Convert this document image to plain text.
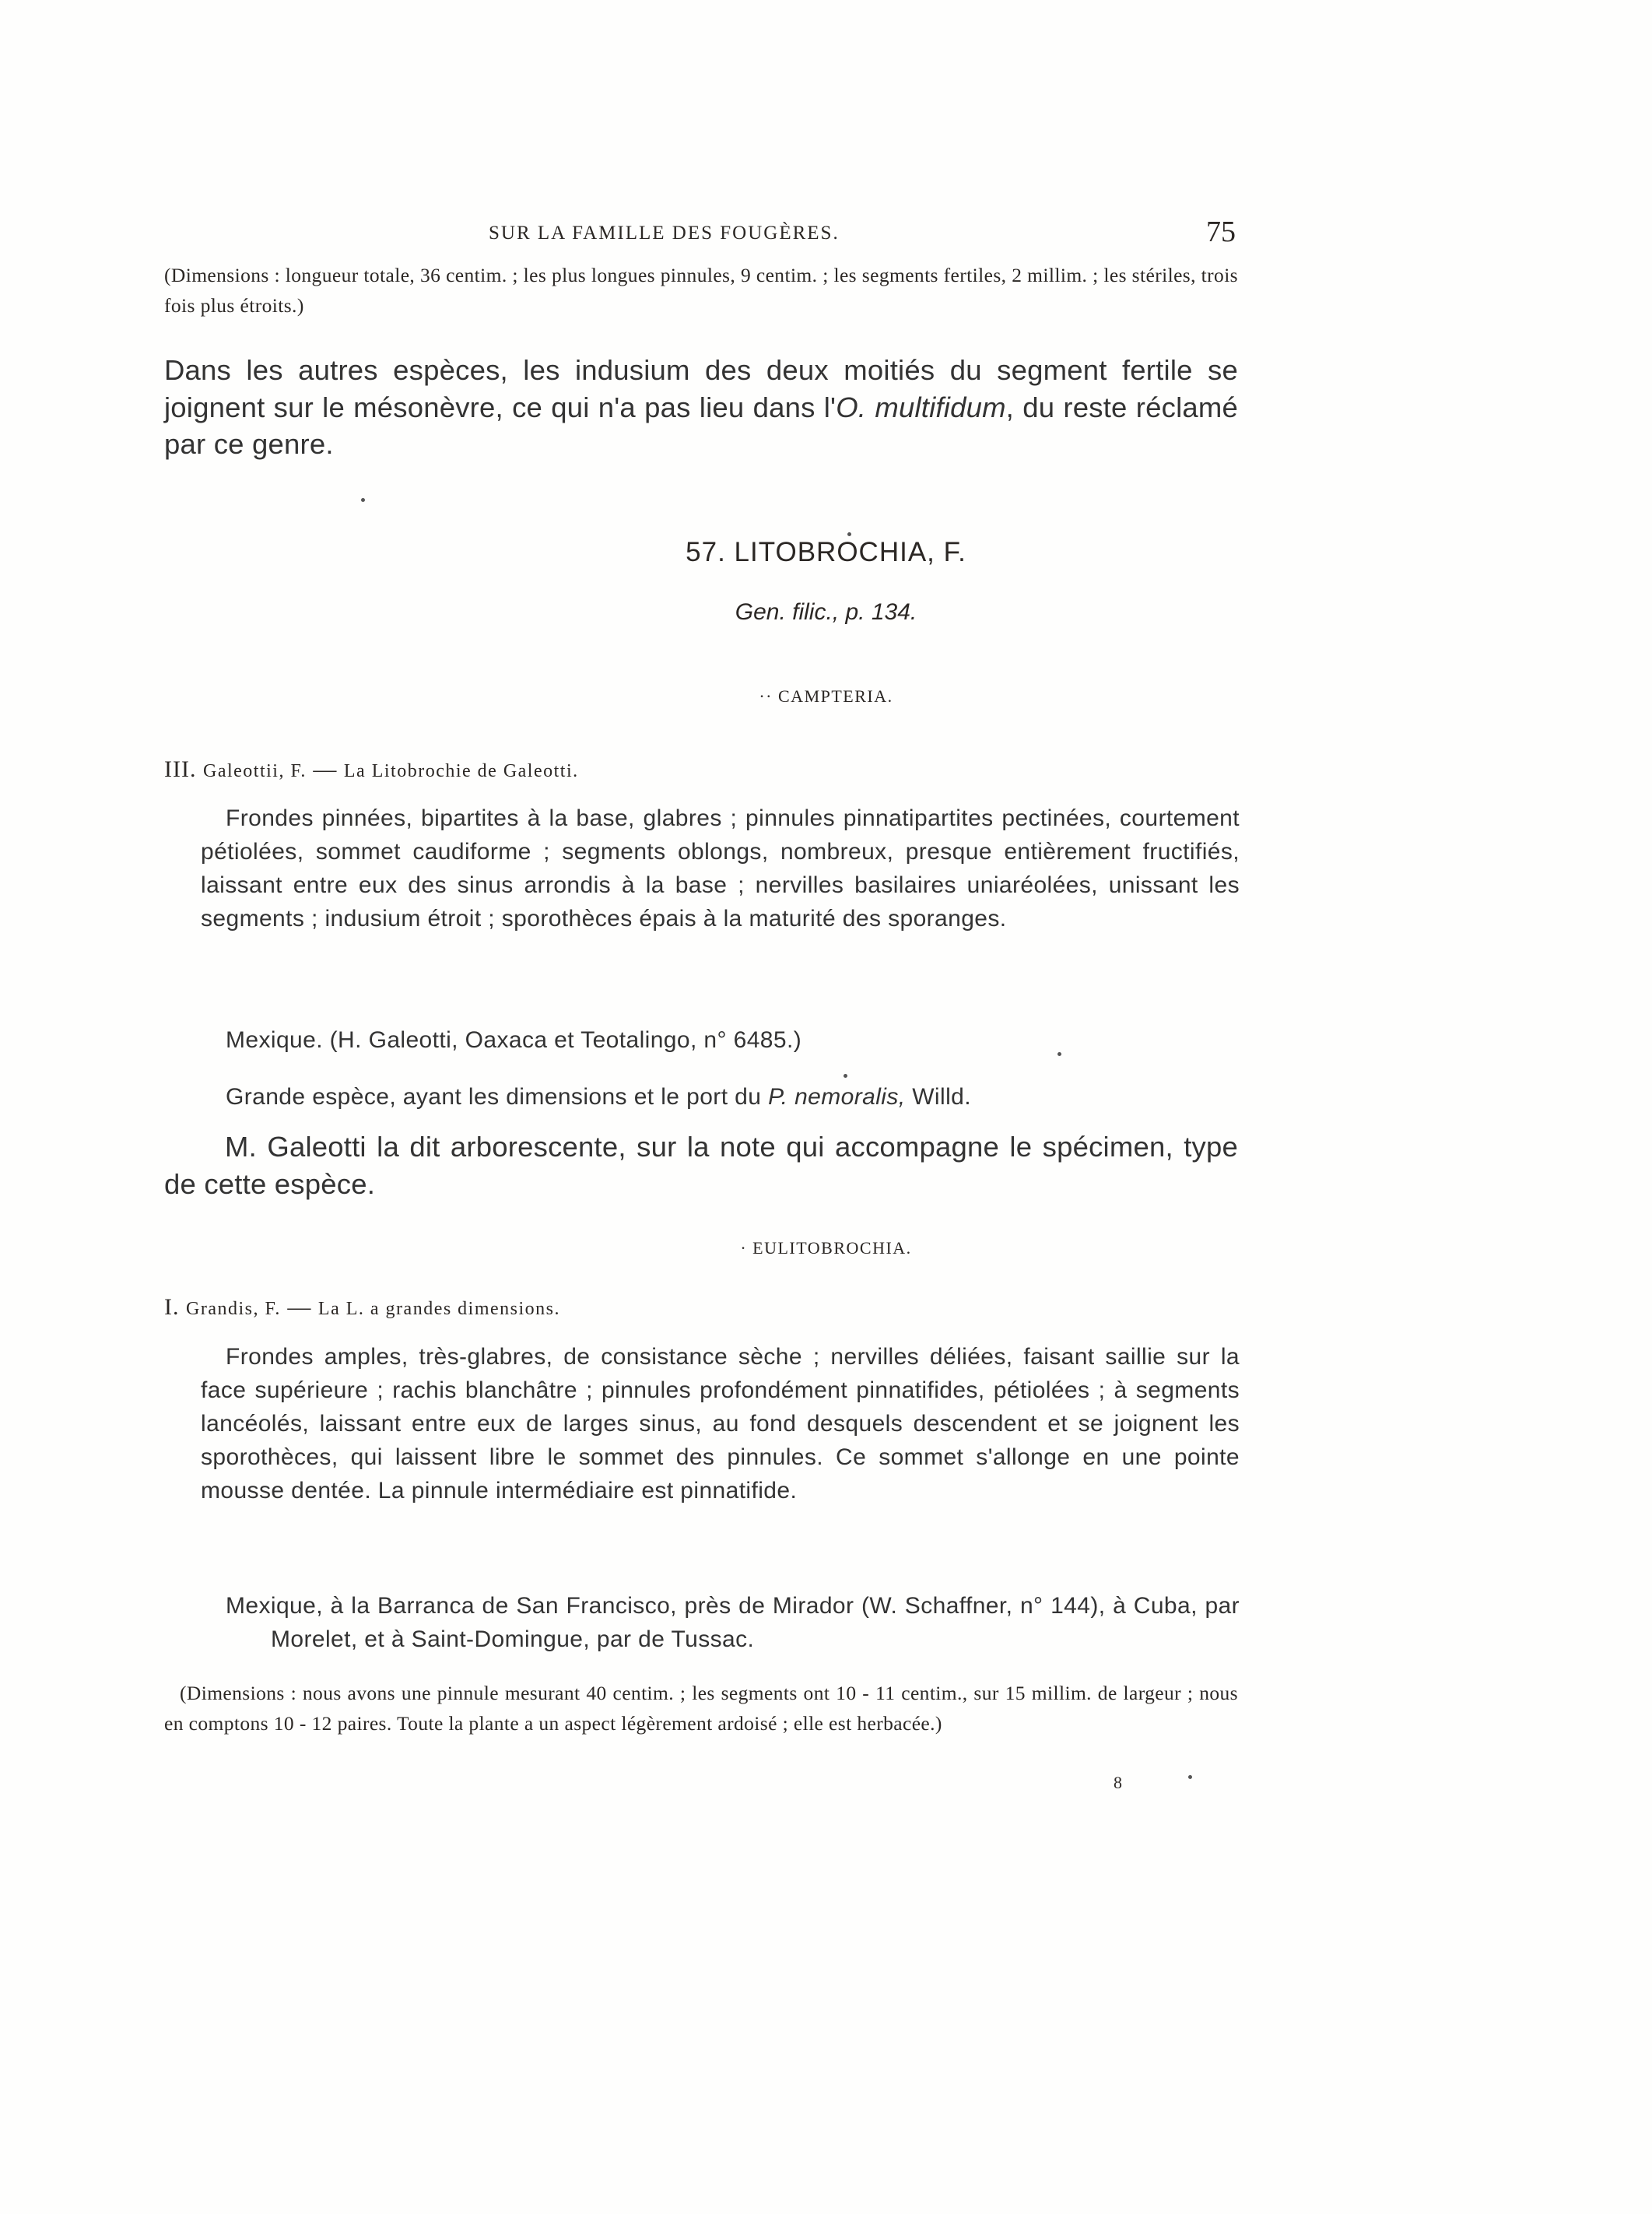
SUR LA FAMILLE DES FOUGÈRES.	75
(Dimensions : longueur totale, 36 centim. ; les plus longues pinnules, 9 centim. ; les segments fertiles, 2 millim. ; les stériles, trois fois plus étroits.)
Dans les autres espèces, les indusium des deux moitiés du segment fertile se joignent sur le mésonèvre, ce qui n'a pas lieu dans l'O. multifidum, du reste réclamé par ce genre.
57. LITOBROCHIA, F.
Gen. filic., p. 134.
·· CAMPTERIA.
III. Galeottii, F. — La Litobrochie de Galeotti.
Frondes pinnées, bipartites à la base, glabres ; pinnules pinnatipartites pectinées, courtement pétiolées, sommet caudiforme ; segments oblongs, nombreux, presque entièrement fructifiés, laissant entre eux des sinus arrondis à la base ; nervilles basilaires uniaréolées, unissant les segments ; indusium étroit ; sporothèces épais à la maturité des sporanges.
Mexique. (H. Galeotti, Oaxaca et Teotalingo, n° 6485.)
Grande espèce, ayant les dimensions et le port du P. nemoralis, Willd.
M. Galeotti la dit arborescente, sur la note qui accompagne le spécimen, type de cette espèce.
· EULITOBROCHIA.
I. Grandis, F. — La L. a grandes dimensions.
Frondes amples, très-glabres, de consistance sèche ; nervilles déliées, faisant saillie sur la face supérieure ; rachis blanchâtre ; pinnules profondément pinnatifides, pétiolées ; à segments lancéolés, laissant entre eux de larges sinus, au fond desquels descendent et se joignent les sporothèces, qui laissent libre le sommet des pinnules. Ce sommet s'allonge en une pointe mousse dentée. La pinnule intermédiaire est pinnatifide.
Mexique, à la Barranca de San Francisco, près de Mirador (W. Schaffner, n° 144), à Cuba, par Morelet, et à Saint-Domingue, par de Tussac.
(Dimensions : nous avons une pinnule mesurant 40 centim. ; les segments ont 10 - 11 centim., sur 15 millim. de largeur ; nous en comptons 10 - 12 paires. Toute la plante a un aspect légèrement ardoisé ; elle est herbacée.)
8
